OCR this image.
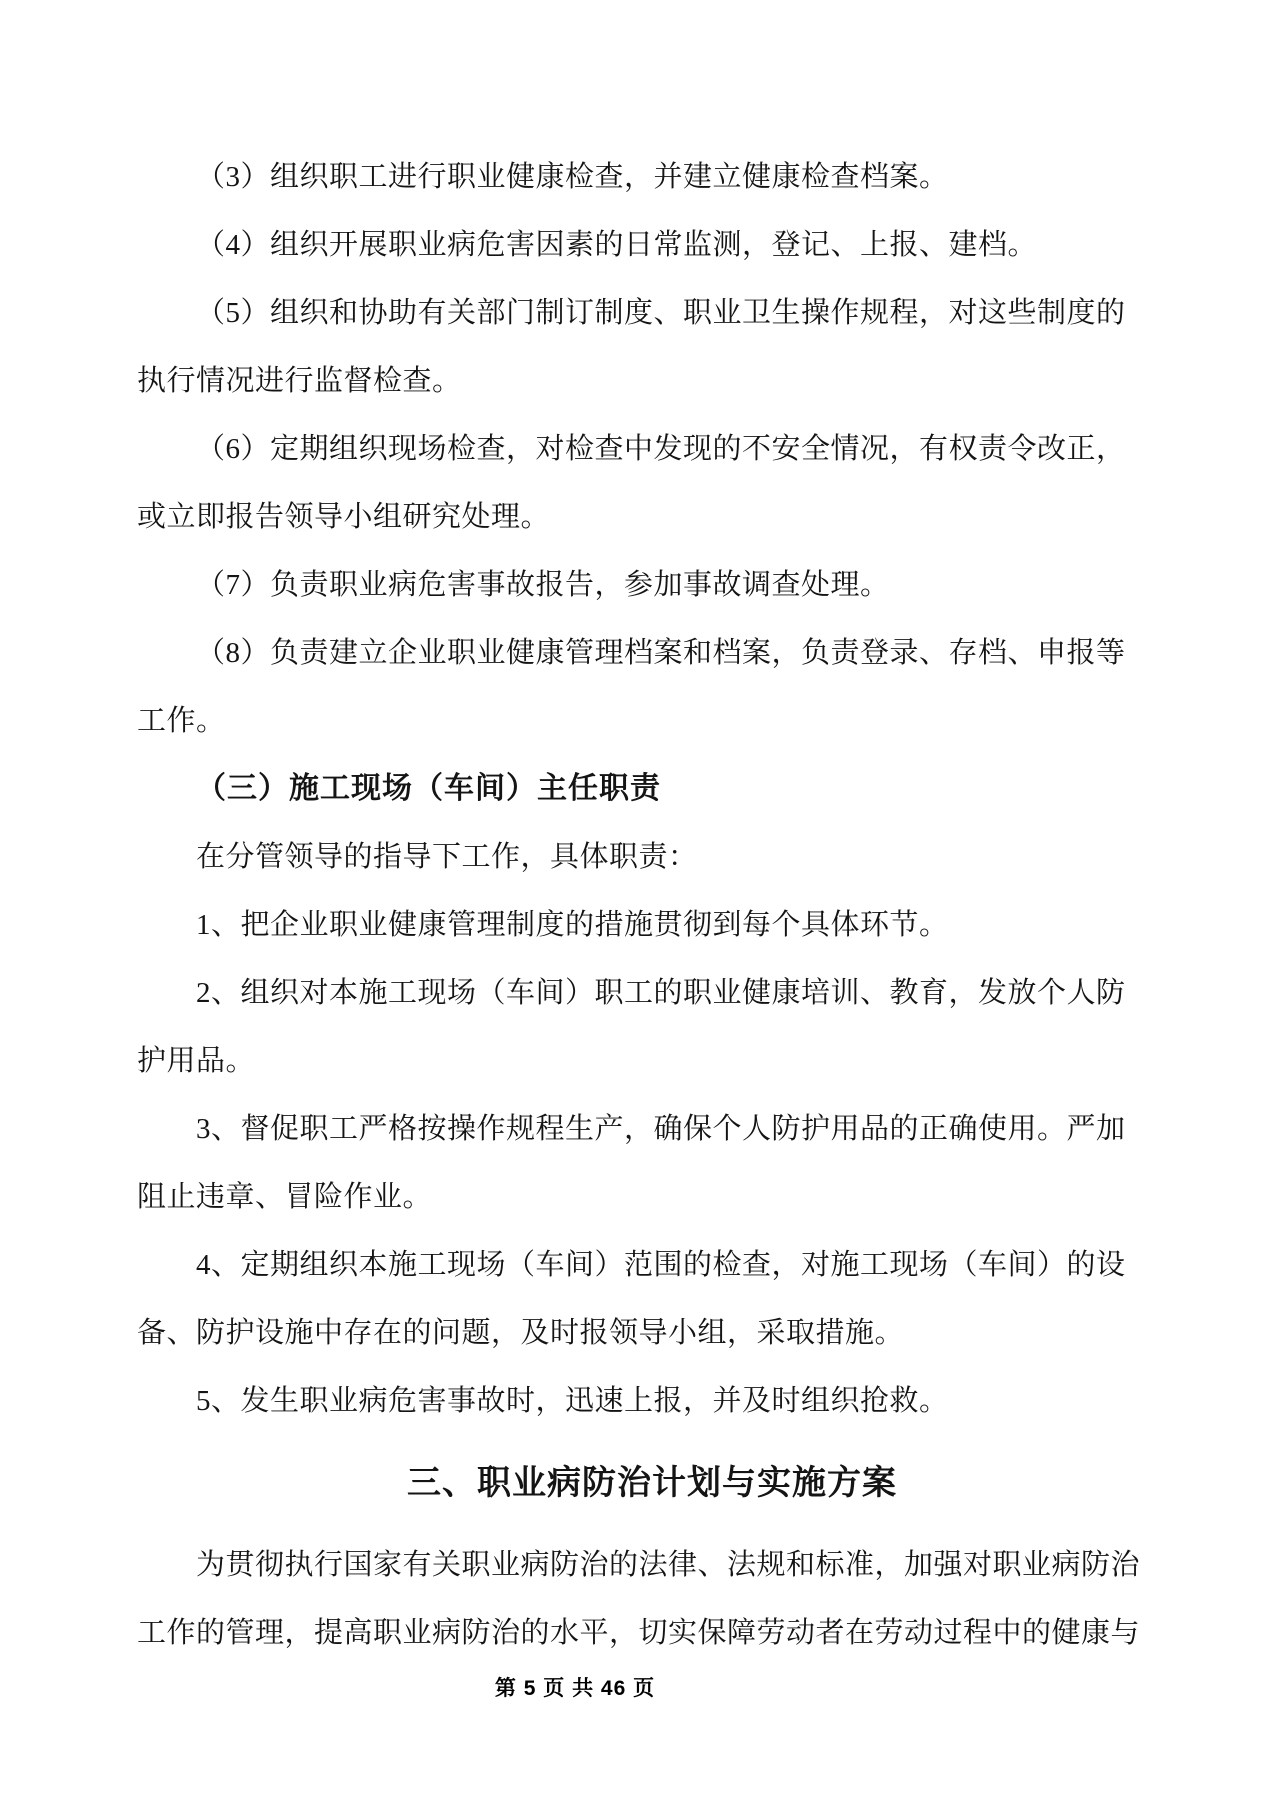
（3）组织职工进行职业健康检查，并建立健康检查档案。

（4）组织开展职业病危害因素的日常监测，登记、上报、建档。

（5）组织和协助有关部门制订制度、职业卫生操作规程，对这些制度的

执行情况进行监督检查。

（6）定期组织现场检查，对检查中发现的不安全情况，有权责令改正，

或立即报告领导小组研究处理。

（7）负责职业病危害事故报告，参加事故调查处理。

（8）负责建立企业职业健康管理档案和档案，负责登录、存档、申报等

工作。

（三）施工现场（车间）主任职责

在分管领导的指导下工作，具体职责：

1、把企业职业健康管理制度的措施贯彻到每个具体环节。

2、组织对本施工现场（车间）职工的职业健康培训、教育，发放个人防

护用品。

3、督促职工严格按操作规程生产，确保个人防护用品的正确使用。严加

阻止违章、冒险作业。

4、定期组织本施工现场（车间）范围的检查，对施工现场（车间）的设

备、防护设施中存在的问题，及时报领导小组，采取措施。

5、发生职业病危害事故时，迅速上报，并及时组织抢救。

三、职业病防治计划与实施方案

为贯彻执行国家有关职业病防治的法律、法规和标准，加强对职业病防治

工作的管理，提高职业病防治的水平，切实保障劳动者在劳动过程中的健康与

第 5 页 共 46 页
